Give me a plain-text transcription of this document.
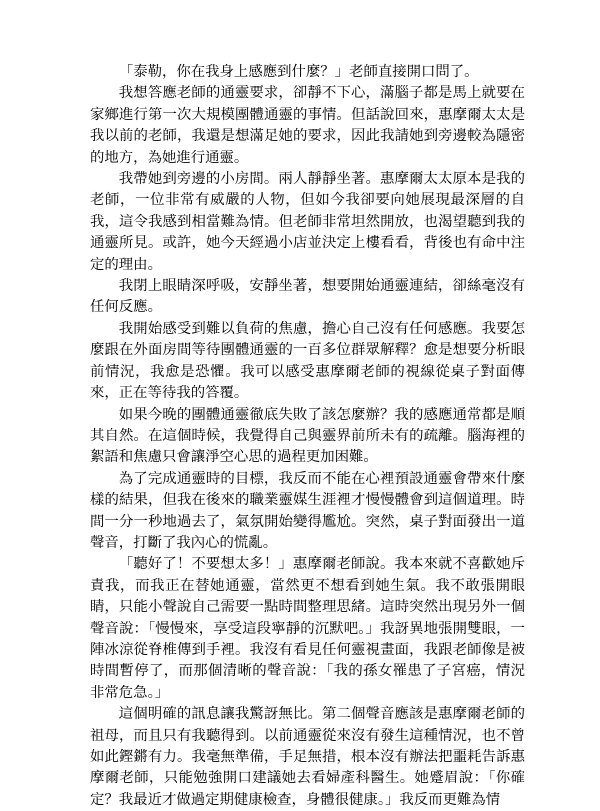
「泰勒，你在我身上感應到什麼？」老師直接開口問了。

我想答應老師的通靈要求，卻靜不下心，滿腦子都是馬上就要在家鄉進行第一次大規模團體通靈的事情。但話說回來，惠摩爾太太是我以前的老師，我還是想滿足她的要求，因此我請她到旁邊較為隱密的地方，為她進行通靈。

我帶她到旁邊的小房間。兩人靜靜坐著。惠摩爾太太原本是我的老師，一位非常有威嚴的人物，但如今我卻要向她展現最深層的自我，這令我感到相當難為情。但老師非常坦然開放，也渴望聽到我的通靈所見。或許，她今天經過小店並決定上樓看看，背後也有命中注定的理由。

我閉上眼睛深呼吸，安靜坐著，想要開始通靈連結，卻絲毫沒有任何反應。

我開始感受到難以負荷的焦慮，擔心自己沒有任何感應。我要怎麼跟在外面房間等待團體通靈的一百多位群眾解釋？愈是想要分析眼前情況，我愈是恐懼。我可以感受惠摩爾老師的視線從桌子對面傳來，正在等待我的答覆。

如果今晚的團體通靈徹底失敗了該怎麼辦？我的感應通常都是順其自然。在這個時候，我覺得自己與靈界前所未有的疏離。腦海裡的絮語和焦慮只會讓淨空心思的過程更加困難。

為了完成通靈時的目標，我反而不能在心裡預設通靈會帶來什麼樣的結果，但我在後來的職業靈媒生涯裡才慢慢體會到這個道理。時間一分一秒地過去了，氣氛開始變得尷尬。突然，桌子對面發出一道聲音，打斷了我內心的慌亂。

「聽好了！不要想太多！」惠摩爾老師說。我本來就不喜歡她斥責我，而我正在替她通靈，當然更不想看到她生氣。我不敢張開眼睛，只能小聲說自己需要一點時間整理思緒。這時突然出現另外一個聲音說：「慢慢來，享受這段寧靜的沉默吧。」我訝異地張開雙眼，一陣冰涼從脊椎傳到手裡。我沒有看見任何靈視畫面，我跟老師像是被時間暫停了，而那個清晰的聲音說：「我的孫女罹患了子宮癌，情況非常危急。」

這個明確的訊息讓我驚訝無比。第二個聲音應該是惠摩爾老師的祖母，而且只有我聽得到。以前通靈從來沒有發生這種情況，也不曾如此鏗鏘有力。我毫無準備，手足無措，根本沒有辦法把噩耗告訴惠摩爾老師，只能勉強開口建議她去看婦產科醫生。她蹙眉說：「你確定？我最近才做過定期健康檢查，身體很健康。」我反而更難為情
